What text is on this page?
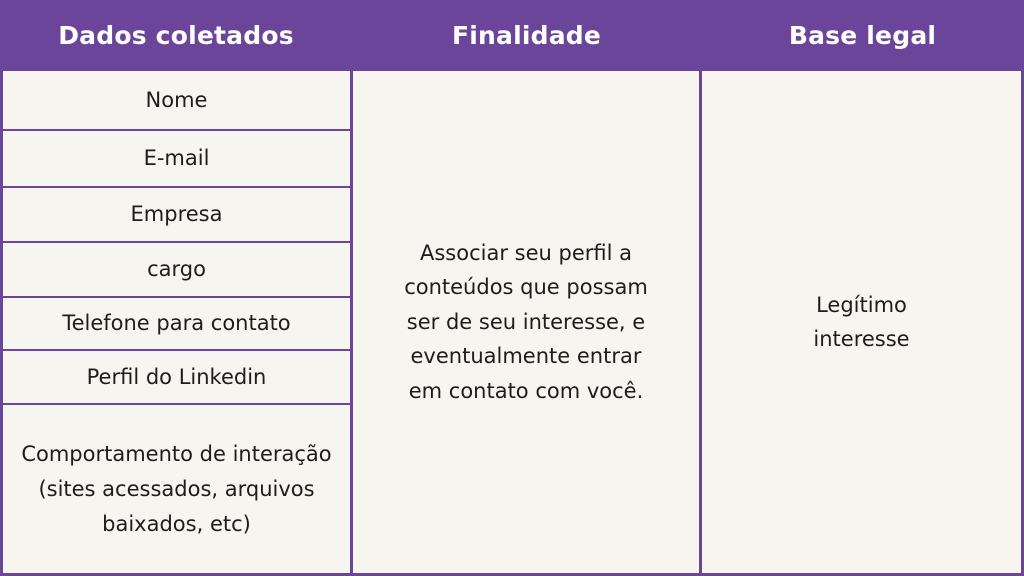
Dados coletados	Finalidade	Base legal
Nome
E-mail
Empresa
cargo
Telefone para contato
Perfil do Linkedin
Comportamento de interação (sites acessados, arquivos baixados, etc)
Associar seu perfil a conteúdos que possam ser de seu interesse, e eventualmente entrar em contato com você.
Legítimo interesse
